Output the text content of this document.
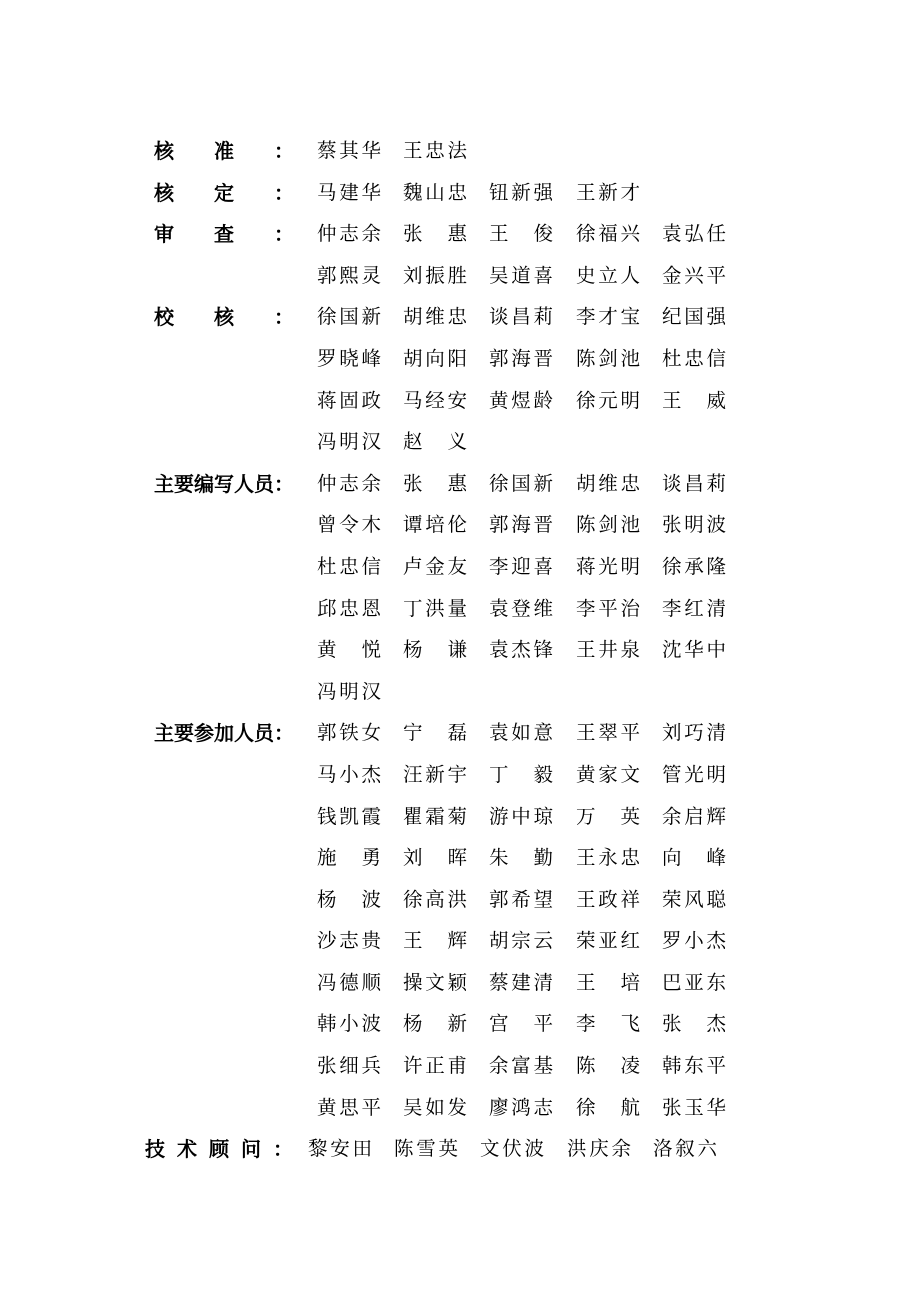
核准： 蔡其华 王忠法
核定： 马建华 魏山忠 钮新强 王新才
审查： 仲志余 张惠 王俊 徐福兴 袁弘任
郭熙灵 刘振胜 吴道喜 史立人 金兴平
校核： 徐国新 胡维忠 谈昌莉 李才宝 纪国强
罗晓峰 胡向阳 郭海晋 陈剑池 杜忠信
蒋固政 马经安 黄煜龄 徐元明 王威
冯明汉 赵义
主要编写人员： 仲志余 张惠 徐国新 胡维忠 谈昌莉
曾令木 谭培伦 郭海晋 陈剑池 张明波
杜忠信 卢金友 李迎喜 蒋光明 徐承隆
邱忠恩 丁洪量 袁登维 李平治 李红清
黄悦 杨谦 袁杰锋 王井泉 沈华中
冯明汉
主要参加人员： 郭铁女 宁磊 袁如意 王翠平 刘巧清
马小杰 汪新宇 丁毅 黄家文 管光明
钱凯霞 瞿霜菊 游中琼 万英 余启辉
施勇 刘晖 朱勤 王永忠 向峰
杨波 徐高洪 郭希望 王政祥 荣风聪
沙志贵 王辉 胡宗云 荣亚红 罗小杰
冯德顺 操文颖 蔡建清 王培 巴亚东
韩小波 杨新 宫平 李飞 张杰
张细兵 许正甫 余富基 陈凌 韩东平
黄思平 吴如发 廖鸿志 徐航 张玉华
技术顾问： 黎安田 陈雪英 文伏波 洪庆余 洛叙六
